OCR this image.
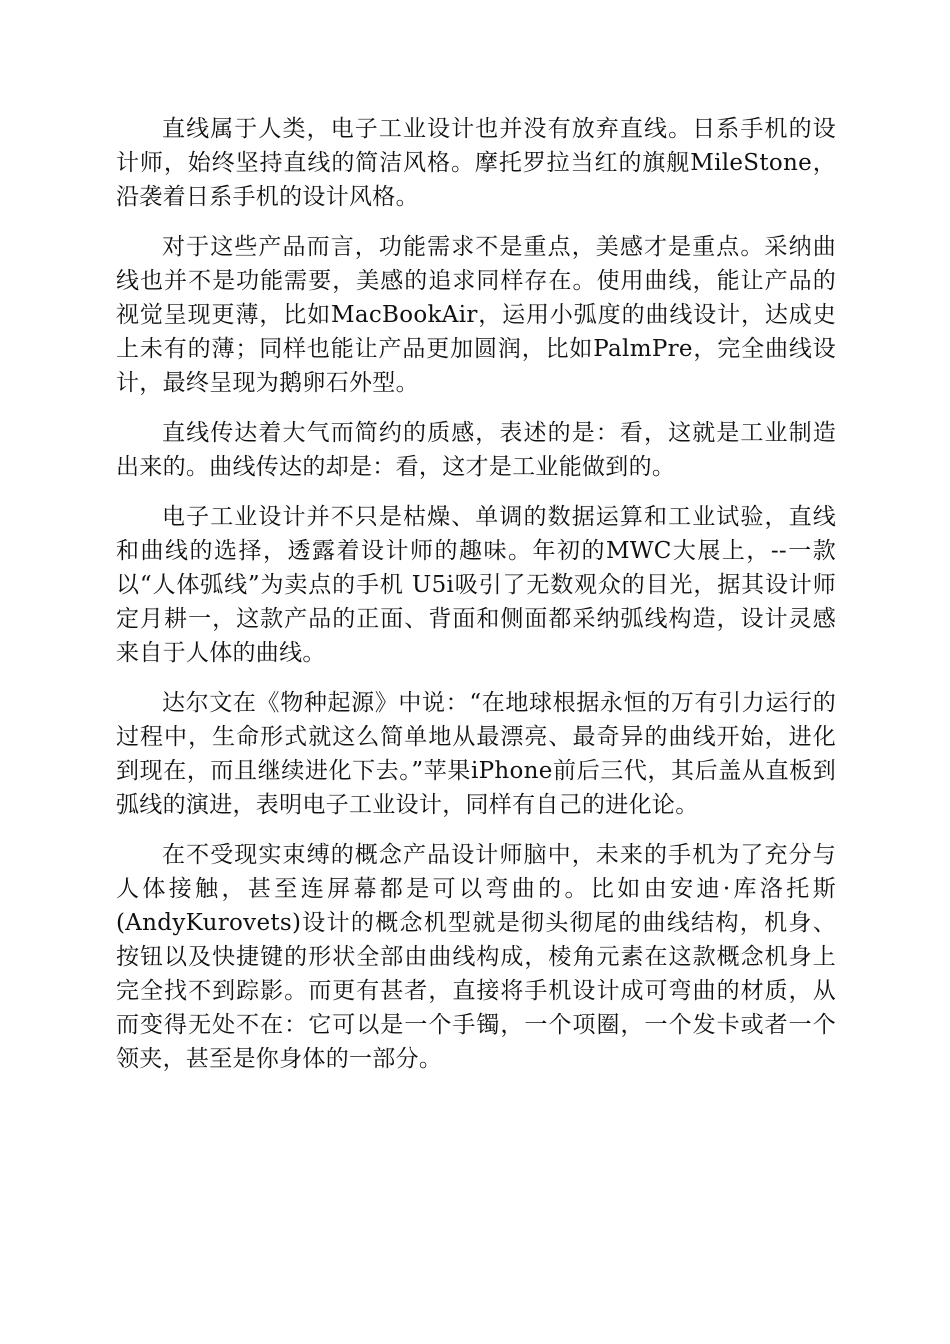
直线属于人类，电子工业设计也并没有放弃直线。日系手机的设计师，始终坚持直线的简洁风格。摩托罗拉当红的旗舰MileStone，沿袭着日系手机的设计风格。

对于这些产品而言，功能需求不是重点，美感才是重点。采纳曲线也并不是功能需要，美感的追求同样存在。使用曲线，能让产品的视觉呈现更薄，比如MacBookAir，运用小弧度的曲线设计，达成史上未有的薄；同样也能让产品更加圆润，比如PalmPre，完全曲线设计，最终呈现为鹅卵石外型。

直线传达着大气而简约的质感，表述的是：看，这就是工业制造出来的。曲线传达的却是：看，这才是工业能做到的。

电子工业设计并不只是枯燥、单调的数据运算和工业试验，直线和曲线的选择，透露着设计师的趣味。年初的MWC大展上，--一款以“人体弧线”为卖点的手机 U5i吸引了无数观众的目光，据其设计师定月耕一，这款产品的正面、背面和侧面都采纳弧线构造，设计灵感来自于人体的曲线。

达尔文在《物种起源》中说：“在地球根据永恒的万有引力运行的过程中，生命形式就这么简单地从最漂亮、最奇异的曲线开始，进化到现在，而且继续进化下去。”苹果iPhone前后三代，其后盖从直板到弧线的演进，表明电子工业设计，同样有自己的进化论。

在不受现实束缚的概念产品设计师脑中，未来的手机为了充分与人体接触，甚至连屏幕都是可以弯曲的。比如由安迪·库洛托斯(AndyKurovets)设计的概念机型就是彻头彻尾的曲线结构，机身、按钮以及快捷键的形状全部由曲线构成，棱角元素在这款概念机身上完全找不到踪影。而更有甚者，直接将手机设计成可弯曲的材质，从而变得无处不在：它可以是一个手镯，一个项圈，一个发卡或者一个领夹，甚至是你身体的一部分。
